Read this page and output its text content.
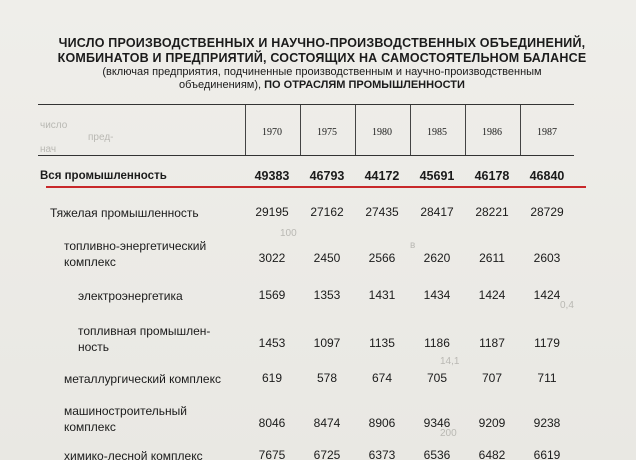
число
пред-
нач
100
в
0,4
14,1
200
ЧИСЛО ПРОИЗВОДСТВЕННЫХ И НАУЧНО-ПРОИЗВОДСТВЕННЫХ ОБЪЕДИНЕНИЙ, КОМБИНАТОВ И ПРЕДПРИЯТИЙ, СОСТОЯЩИХ НА САМОСТОЯТЕЛЬНОМ БАЛАНСЕ
(включая предприятия, подчиненные производственным и научно-производственным объединениям), ПО ОТРАСЛЯМ ПРОМЫШЛЕННОСТИ
1970	1975	1980	1985	1986	1987
Вся промышленность	49383	46793	44172	45691	46178	46840
Тяжелая промышленность	29195	27162	27435	28417	28221	28729
топливно-энергетический
комплекс	3022	2450	2566	2620	2611	2603
электроэнергетика	1569	1353	1431	1434	1424	1424
топливная промышлен-
ность	1453	1097	1135	1186	1187	1179
металлургический комплекс	619	578	674	705	707	711
машиностроительный
комплекс	8046	8474	8906	9346	9209	9238
химико-лесной комплекс	7675	6725	6373	6536	6482	6619
